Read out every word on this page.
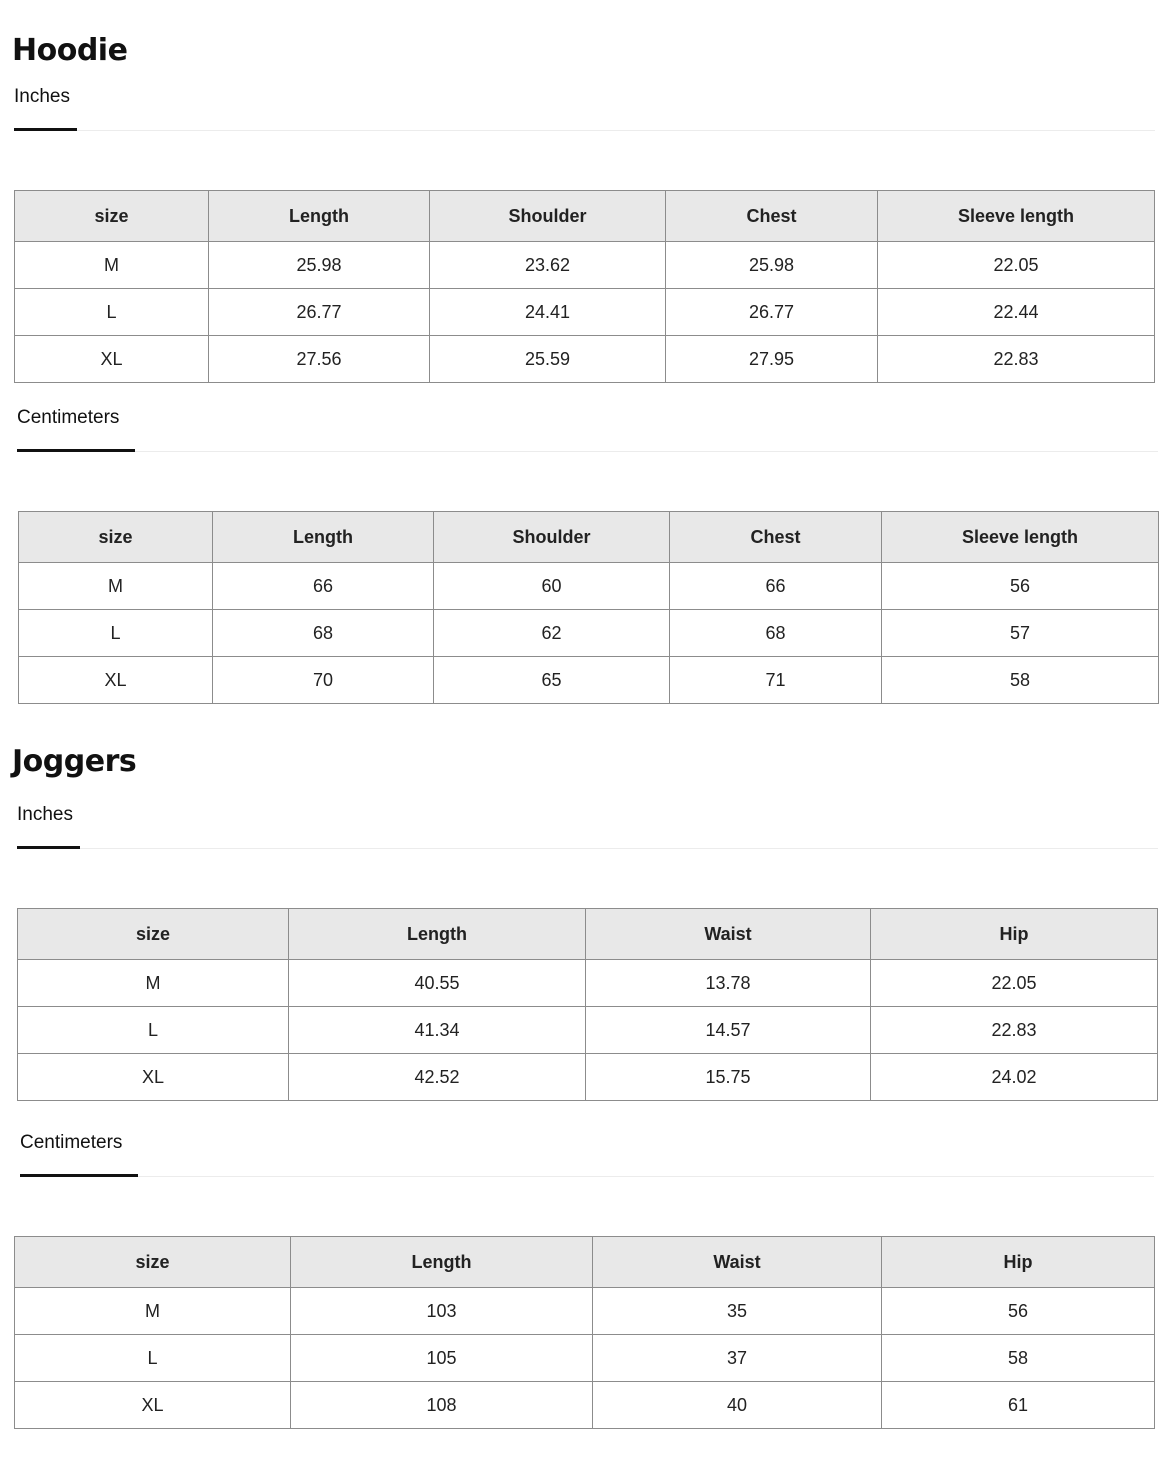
Hoodie
Inches
size	Length	Shoulder	Chest	Sleeve length
M	25.98	23.62	25.98	22.05
L	26.77	24.41	26.77	22.44
XL	27.56	25.59	27.95	22.83
Centimeters
size	Length	Shoulder	Chest	Sleeve length
M	66	60	66	56
L	68	62	68	57
XL	70	65	71	58
Joggers
Inches
size	Length	Waist	Hip
M	40.55	13.78	22.05
L	41.34	14.57	22.83
XL	42.52	15.75	24.02
Centimeters
size	Length	Waist	Hip
M	103	35	56
L	105	37	58
XL	108	40	61
